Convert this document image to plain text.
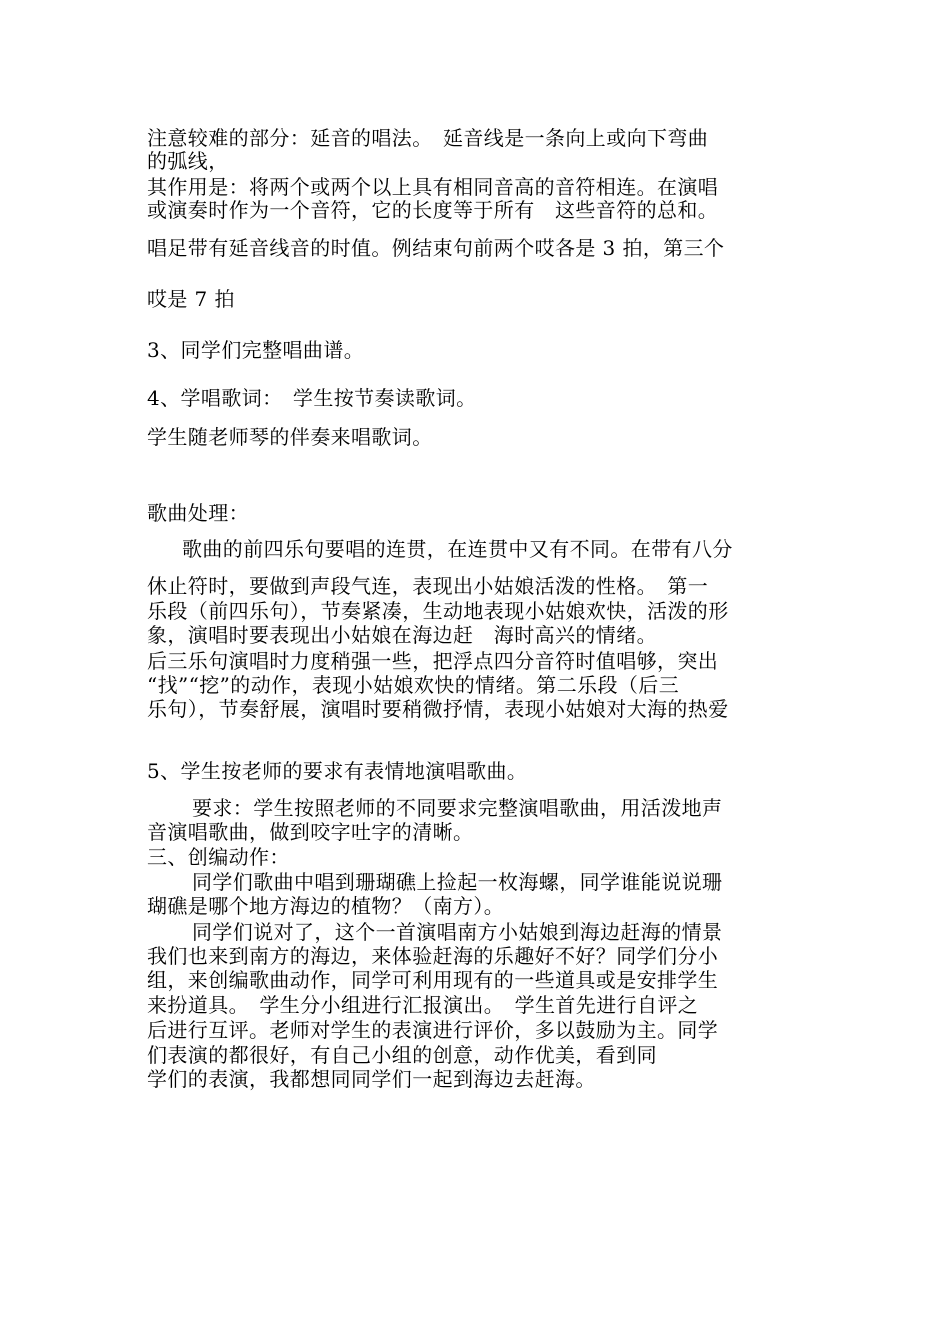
注意较难的部分：延音的唱法。　延音线是一条向上或向下弯曲
的弧线，
其作用是：将两个或两个以上具有相同音高的音符相连。在演唱
或演奏时作为一个音符，它的长度等于所有　这些音符的总和。
唱足带有延音线音的时值。例结束句前两个哎各是 3 拍，第三个
哎是 7 拍
3、同学们完整唱曲谱。
4、学唱歌词：　学生按节奏读歌词。
学生随老师琴的伴奏来唱歌词。
歌曲处理：
歌曲的前四乐句要唱的连贯，在连贯中又有不同。在带有八分
休止符时，要做到声段气连，表现出小姑娘活泼的性格。　第一
乐段（前四乐句），节奏紧凑，生动地表现小姑娘欢快，活泼的形
象，演唱时要表现出小姑娘在海边赶　海时高兴的情绪。
后三乐句演唱时力度稍强一些，把浮点四分音符时值唱够，突出
“找”“挖”的动作，表现小姑娘欢快的情绪。第二乐段（后三
乐句），节奏舒展，演唱时要稍微抒情，表现小姑娘对大海的热爱
5、学生按老师的要求有表情地演唱歌曲。
要求：学生按照老师的不同要求完整演唱歌曲，用活泼地声
音演唱歌曲，做到咬字吐字的清晰。
三、创编动作：
同学们歌曲中唱到珊瑚礁上捡起一枚海螺，同学谁能说说珊
瑚礁是哪个地方海边的植物？（南方）。
同学们说对了，这个一首演唱南方小姑娘到海边赶海的情景
我们也来到南方的海边，来体验赶海的乐趣好不好？同学们分小
组，来创编歌曲动作，同学可利用现有的一些道具或是安排学生
来扮道具。　学生分小组进行汇报演出。　学生首先进行自评之
后进行互评。老师对学生的表演进行评价，多以鼓励为主。同学
们表演的都很好，有自己小组的创意，动作优美，看到同
学们的表演，我都想同同学们一起到海边去赶海。
